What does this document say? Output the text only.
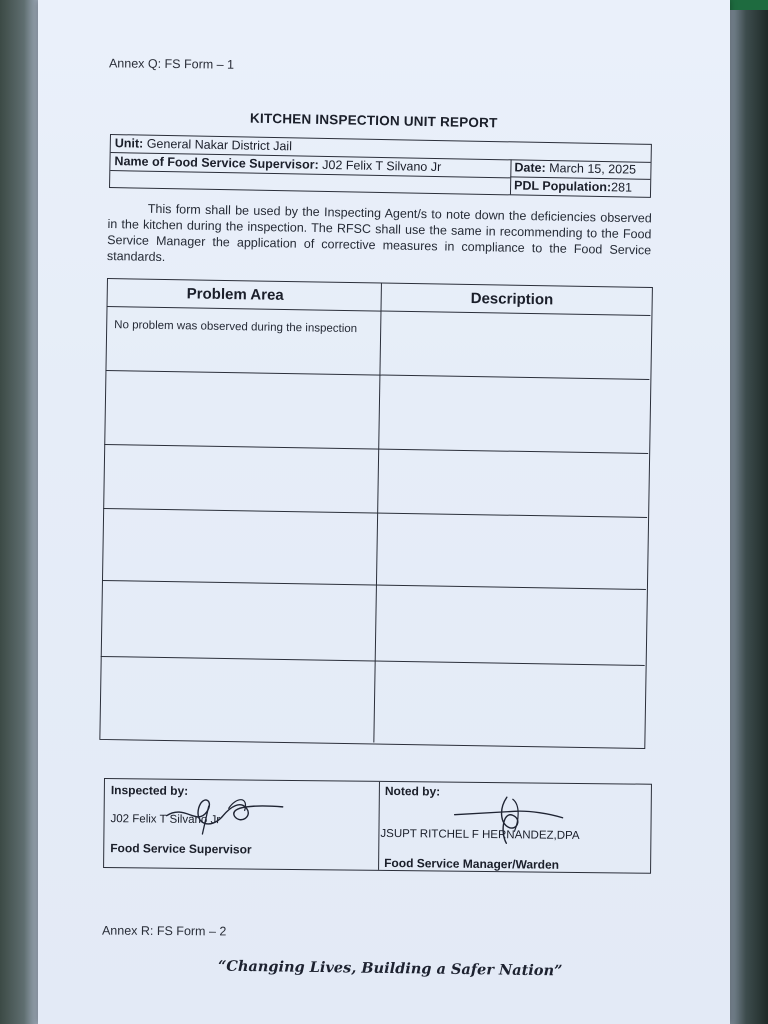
Annex Q: FS Form – 1
KITCHEN INSPECTION UNIT REPORT
Unit: General Nakar District Jail
Name of Food Service Supervisor: J02 Felix T Silvano Jr	Date: March 15, 2025
PDL Population:281
This form shall be used by the Inspecting Agent/s to note down the deficiencies observed in the kitchen during the inspection. The RFSC shall use the same in recommending to the Food Service Manager the application of corrective measures in compliance to the Food Service standards.
Problem Area	Description
No problem was observed during the inspection
Inspected by:
J02 Felix T Silvano Jr
Food Service Supervisor
Noted by:
JSUPT RITCHEL F HERNANDEZ,DPA
Food Service Manager/Warden
Annex R: FS Form – 2
“Changing Lives, Building a Safer Nation”
